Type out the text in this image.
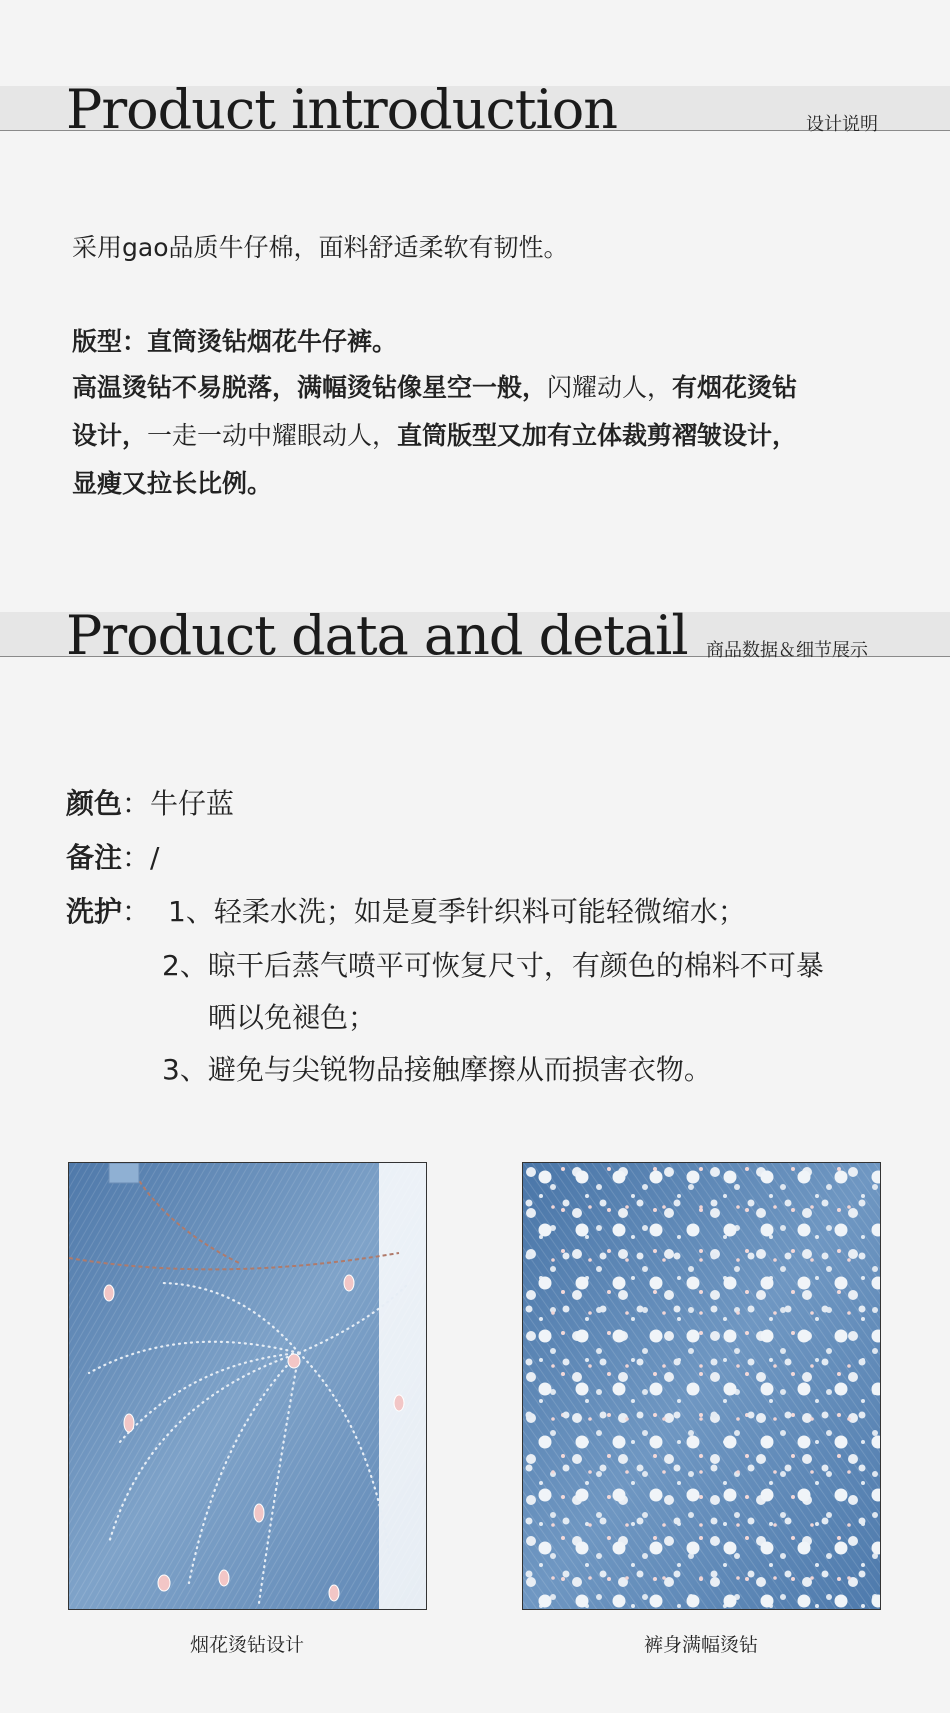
Product introduction	设计说明

采用gao品质牛仔棉，面料舒适柔软有韧性。

版型：直筒烫钻烟花牛仔裤。

高温烫钻不易脱落，满幅烫钻像星空一般，闪耀动人，有烟花烫钻

设计，一走一动中耀眼动人，直筒版型又加有立体裁剪褶皱设计，

显瘦又拉长比例。

Product data and detail 商品数据＆细节展示
颜色：牛仔蓝
备注：/
洗护： 1、轻柔水洗；如是夏季针织料可能轻微缩水；
2、晾干后蒸气喷平可恢复尺寸，有颜色的棉料不可暴
晒以免褪色；
3、避免与尖锐物品接触摩擦从而损害衣物。
烟花烫钻设计	裤身满幅烫钻
